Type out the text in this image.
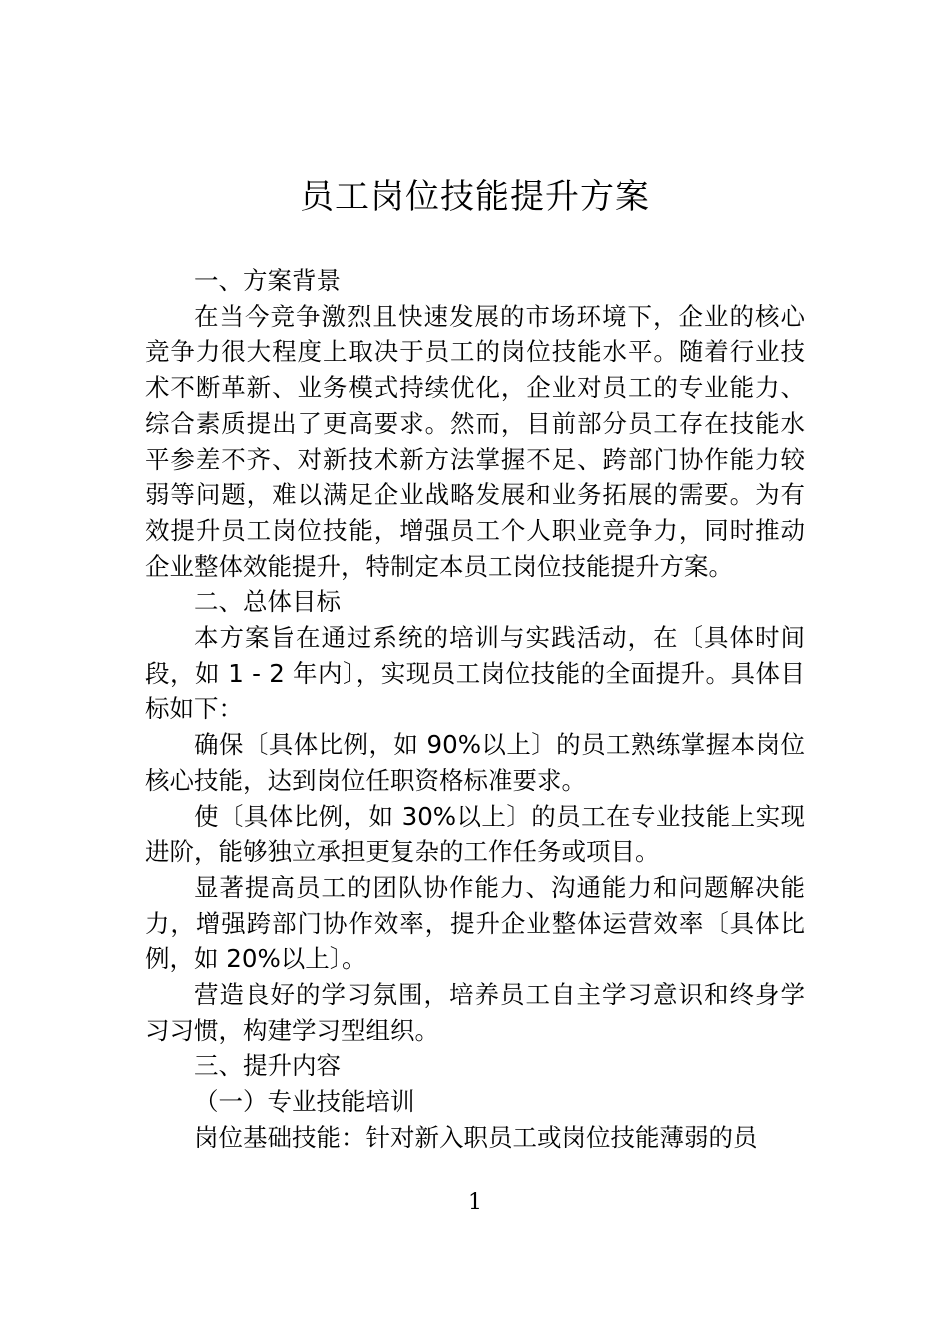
员工岗位技能提升方案

一、方案背景

在当今竞争激烈且快速发展的市场环境下，企业的核心竞争力很大程度上取决于员工的岗位技能水平。随着行业技术不断革新、业务模式持续优化，企业对员工的专业能力、综合素质提出了更高要求。然而，目前部分员工存在技能水平参差不齐、对新技术新方法掌握不足、跨部门协作能力较弱等问题，难以满足企业战略发展和业务拓展的需要。为有效提升员工岗位技能，增强员工个人职业竞争力，同时推动企业整体效能提升，特制定本员工岗位技能提升方案。

二、总体目标

本方案旨在通过系统的培训与实践活动，在〔具体时间段，如 1 - 2 年内〕，实现员工岗位技能的全面提升。具体目标如下：

确保〔具体比例，如 90%以上〕的员工熟练掌握本岗位核心技能，达到岗位任职资格标准要求。

使〔具体比例，如 30%以上〕的员工在专业技能上实现进阶，能够独立承担更复杂的工作任务或项目。

显著提高员工的团队协作能力、沟通能力和问题解决能力，增强跨部门协作效率，提升企业整体运营效率〔具体比例，如 20%以上〕。

营造良好的学习氛围，培养员工自主学习意识和终身学习习惯，构建学习型组织。

三、提升内容

（一）专业技能培训

岗位基础技能：针对新入职员工或岗位技能薄弱的员

1
